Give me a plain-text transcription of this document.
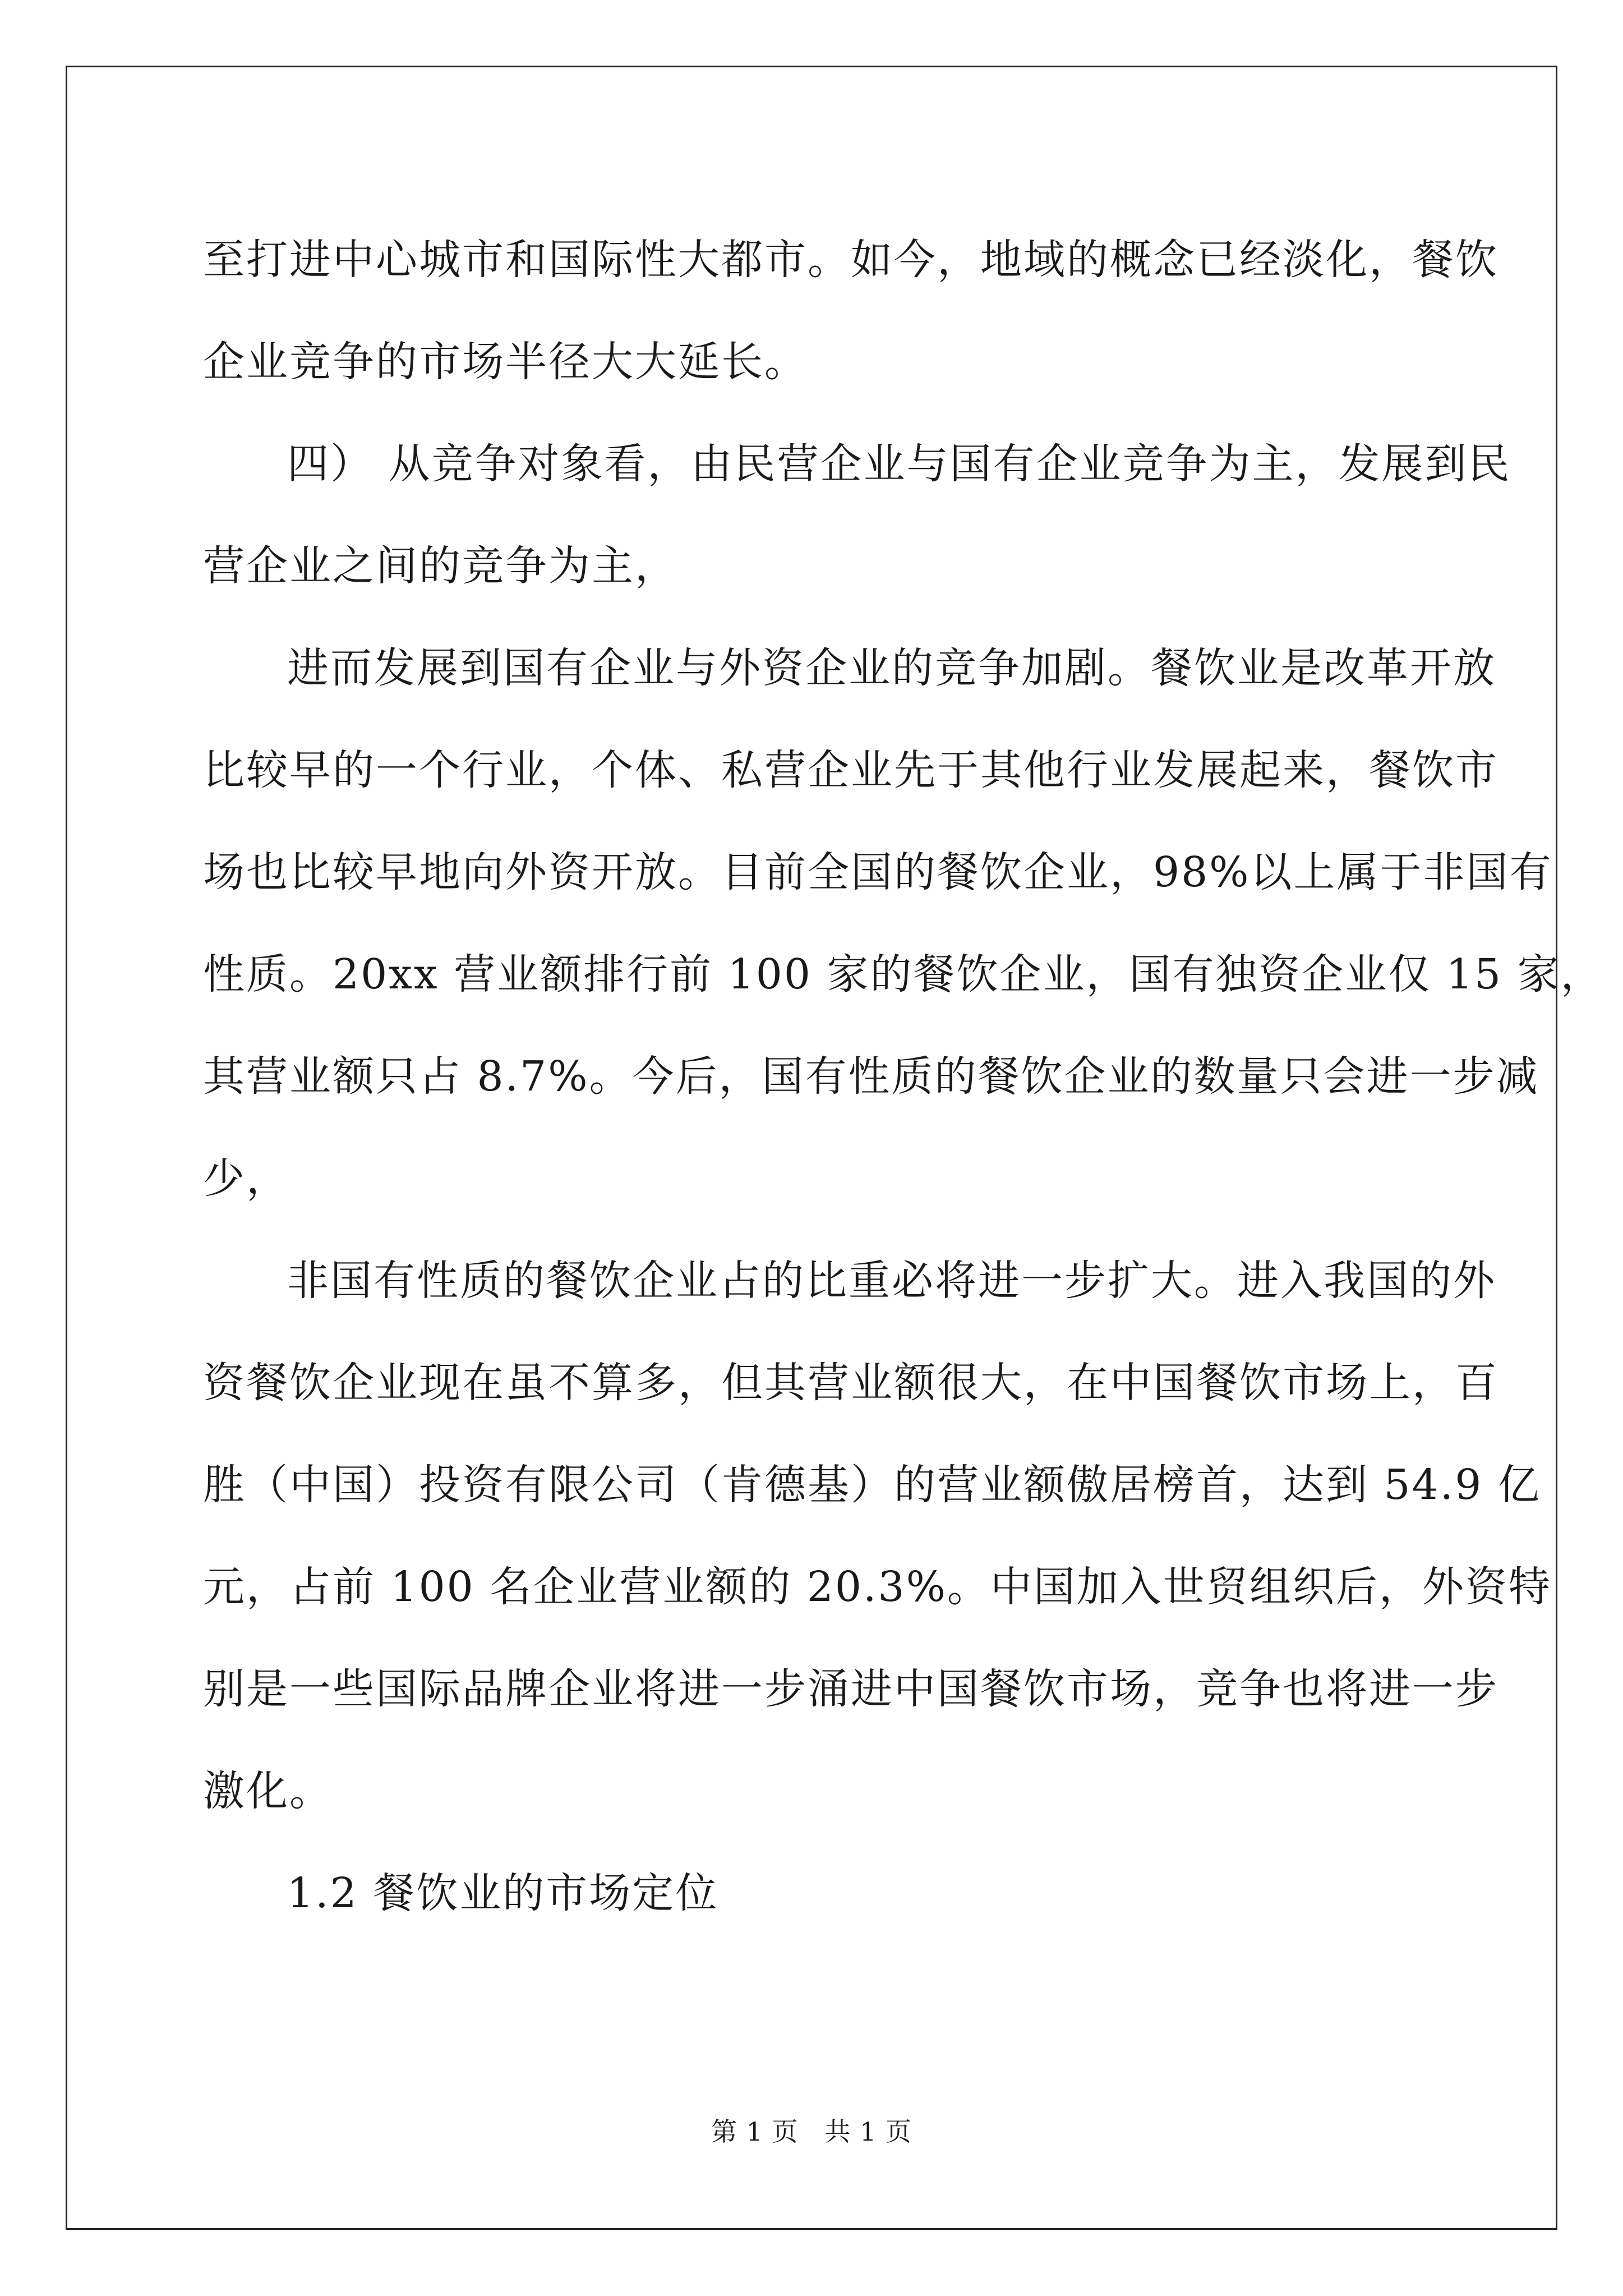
至打进中心城市和国际性大都市。如今，地域的概念已经淡化，餐饮
企业竞争的市场半径大大延长。
四） 从竞争对象看，由民营企业与国有企业竞争为主，发展到民
营企业之间的竞争为主，
进而发展到国有企业与外资企业的竞争加剧。餐饮业是改革开放
比较早的一个行业，个体、私营企业先于其他行业发展起来，餐饮市
场也比较早地向外资开放。目前全国的餐饮企业，98%以上属于非国有
性质。20xx 营业额排行前 100 家的餐饮企业，国有独资企业仅 15 家，
其营业额只占 8.7%。今后，国有性质的餐饮企业的数量只会进一步减
少，
非国有性质的餐饮企业占的比重必将进一步扩大。进入我国的外
资餐饮企业现在虽不算多，但其营业额很大，在中国餐饮市场上，百
胜（中国）投资有限公司（肯德基）的营业额傲居榜首，达到 54.9 亿
元，占前 100 名企业营业额的 20.3%。中国加入世贸组织后，外资特
别是一些国际品牌企业将进一步涌进中国餐饮市场，竞争也将进一步
激化。
1.2 餐饮业的市场定位
第 1 页　共 1 页
